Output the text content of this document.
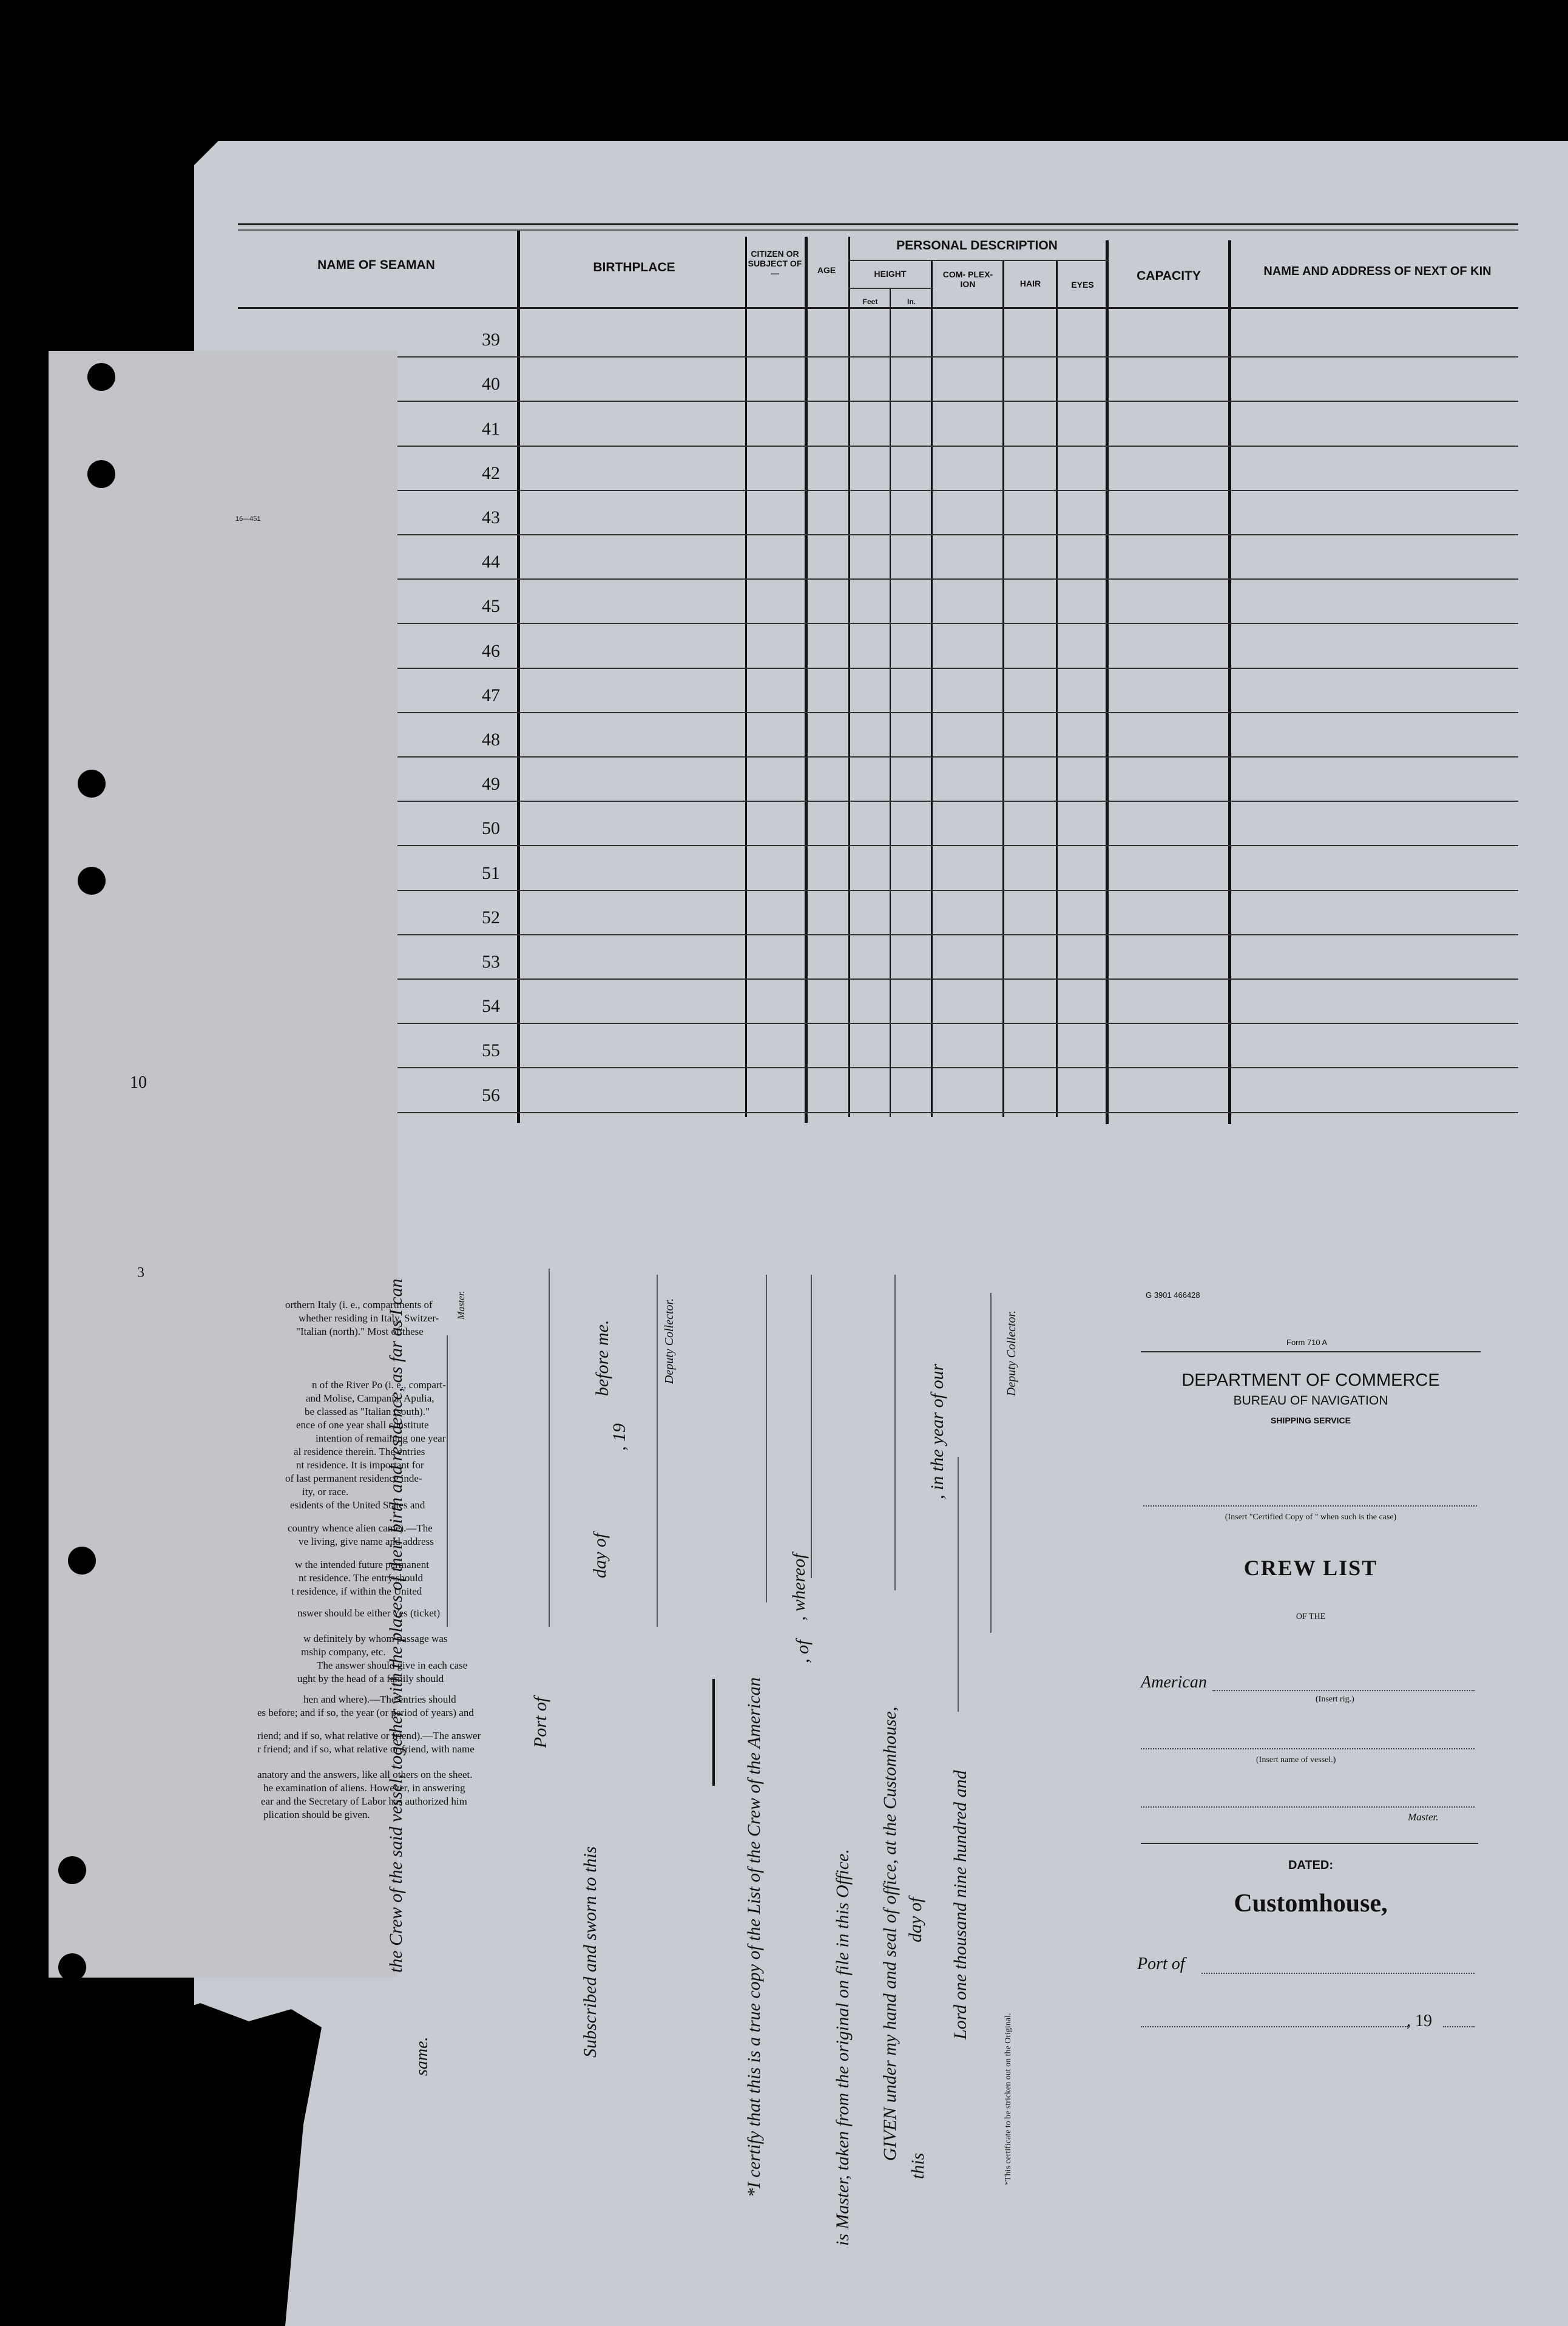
NAME OF SEAMAN	BIRTHPLACE
CITIZEN OR SUBJECT OF—	AGE
PERSONAL DESCRIPTION
HEIGHT
Feet	In.
COM- PLEX- ION	HAIR	EYES
CAPACITY	NAME AND ADDRESS OF NEXT OF KIN
39
40
41
42
43
44
45
46
47
48
49
50
51
52
53
54
55
56
16—451
10
3
orthern Italy (i. e., compartments of
whether residing in Italy, Switzer-
"Italian (north)." Most of these
n of the River Po (i. e., compart-
and Molise, Campania, Apulia,
be classed as "Italian (south)."
ence of one year shall constitute
intention of remaining one year
al residence therein. The entries
nt residence. It is important for
of last permanent residence inde-
ity, or race.
esidents of the United States and
country whence alien came).—The
ve living, give name and address
w the intended future permanent
nt residence. The entry should
t residence, if within the United
nswer should be either Yes (ticket)
w definitely by whom passage was
mship company, etc.
The answer should give in each case
ught by the head of a family should
hen and where).—The entries should
es before; and if so, the year (or period of years) and
riend; and if so, what relative or friend).—The answer
r friend; and if so, what relative or friend, with name
anatory and the answers, like all others on the sheet.
he examination of aliens. However, in answering
ear and the Secretary of Labor has authorized him
plication should be given. the Crew of the said vessel, together with the places of their birth and residence, as far as I can
same.
Master.
Port of
Subscribed and sworn to this
day of
, 19
before me.	Deputy Collector.
*I certify that this is a true copy of the List of the Crew of the American
, of
, whereof
is Master, taken from the original on file in this Office. GIVEN under my hand and seal of office, at the Customhouse,
this
day of
, in the year of our
Lord one thousand nine hundred and
Deputy Collector.
*This certificate to be stricken out on the Original.
G 3901 466428
Form 710 A
DEPARTMENT OF COMMERCE
BUREAU OF NAVIGATION
SHIPPING SERVICE
(Insert "Certified Copy of " when such is the case)
CREW LIST
OF THE
American
(Insert rig.)
(Insert name of vessel.)
Master.
DATED:
Customhouse,
Port of
, 19
